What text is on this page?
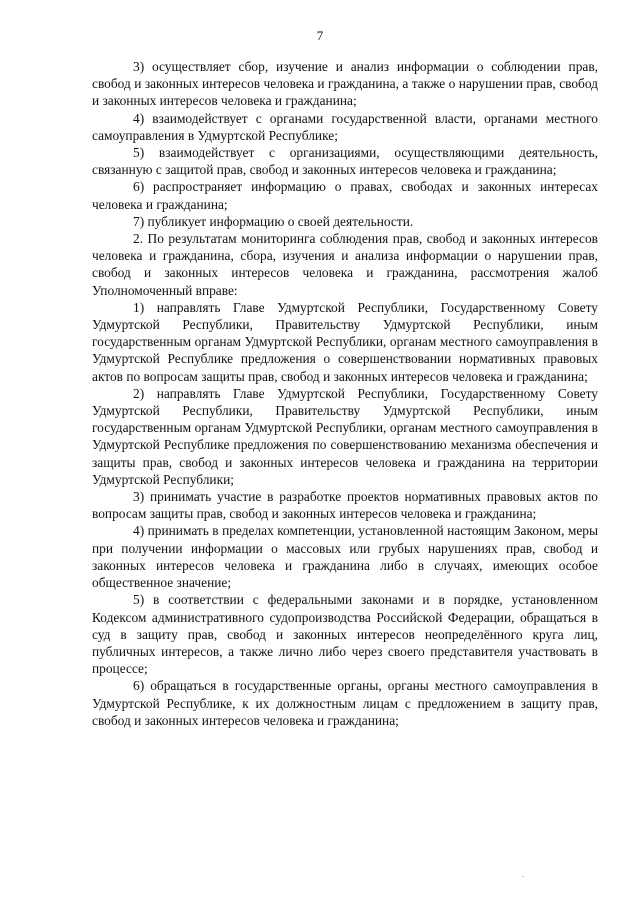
7

3) осуществляет сбор, изучение и анализ информации о соблюдении прав, свобод и законных интересов человека и гражданина, а также о нарушении прав, свобод и законных интересов человека и гражданина;

4) взаимодействует с органами государственной власти, органами местного самоуправления в Удмуртской Республике;

5) взаимодействует с организациями, осуществляющими деятельность, связанную с защитой прав, свобод и законных интересов человека и гражданина;

6) распространяет информацию о правах, свободах и законных интересах человека и гражданина;

7) публикует информацию о своей деятельности.

2. По результатам мониторинга соблюдения прав, свобод и законных интересов человека и гражданина, сбора, изучения и анализа информации о нарушении прав, свобод и законных интересов человека и гражданина, рассмотрения жалоб Уполномоченный вправе:

1) направлять Главе Удмуртской Республики, Государственному Совету Удмуртской Республики, Правительству Удмуртской Республики, иным государственным органам Удмуртской Республики, органам местного самоуправления в Удмуртской Республике предложения о совершенствовании нормативных правовых актов по вопросам защиты прав, свобод и законных интересов человека и гражданина;

2) направлять Главе Удмуртской Республики, Государственному Совету Удмуртской Республики, Правительству Удмуртской Республики, иным государственным органам Удмуртской Республики, органам местного самоуправления в Удмуртской Республике предложения по совершенствованию механизма обеспечения и защиты прав, свобод и законных интересов человека и гражданина на территории Удмуртской Республики;

3) принимать участие в разработке проектов нормативных правовых актов по вопросам защиты прав, свобод и законных интересов человека и гражданина;

4) принимать в пределах компетенции, установленной настоящим Законом, меры при получении информации о массовых или грубых нарушениях прав, свобод и законных интересов человека и гражданина либо в случаях, имеющих особое общественное значение;

5) в соответствии с федеральными законами и в порядке, установленном Кодексом административного судопроизводства Российской Федерации, обращаться в суд в защиту прав, свобод и законных интересов неопределённого круга лиц, публичных интересов, а также лично либо через своего представителя участвовать в процессе;

6) обращаться в государственные органы, органы местного самоуправления в Удмуртской Республике, к их должностным лицам с предложением в защиту прав, свобод и законных интересов человека и гражданина;
